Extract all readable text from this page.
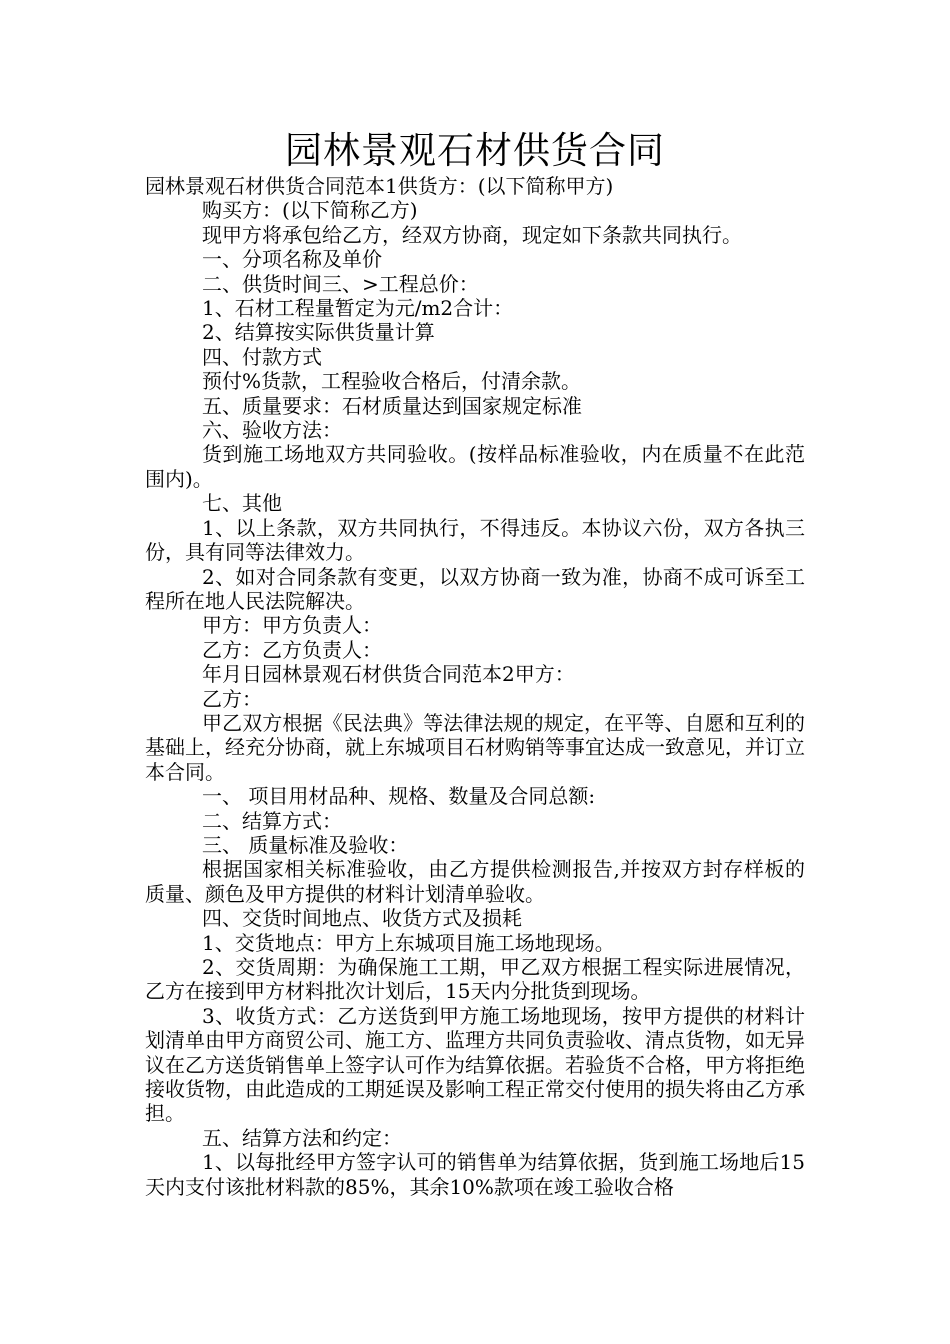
园林景观石材供货合同

园林景观石材供货合同范本1供货方：(以下简称甲方)

购买方：(以下简称乙方)

现甲方将承包给乙方，经双方协商，现定如下条款共同执行。

一、分项名称及单价

二、供货时间三、>工程总价：

1、石材工程量暂定为元/m2合计：

2、结算按实际供货量计算

四、付款方式

预付%货款，工程验收合格后，付清余款。

五、质量要求：石材质量达到国家规定标准

六、验收方法：

货到施工场地双方共同验收。(按样品标准验收，内在质量不在此范围内)。

七、其他

1、以上条款，双方共同执行，不得违反。本协议六份，双方各执三份，具有同等法律效力。

2、如对合同条款有变更，以双方协商一致为准，协商不成可诉至工程所在地人民法院解决。

甲方：甲方负责人：

乙方：乙方负责人：

年月日园林景观石材供货合同范本2甲方：

乙方：

甲乙双方根据《民法典》等法律法规的规定，在平等、自愿和互利的基础上，经充分协商，就上东城项目石材购销等事宜达成一致意见，并订立本合同。

一、 项目用材品种、规格、数量及合同总额:

二、结算方式：

三、 质量标准及验收：

根据国家相关标准验收，由乙方提供检测报告,并按双方封存样板的质量、颜色及甲方提供的材料计划清单验收。

四、交货时间地点、收货方式及损耗

1、交货地点：甲方上东城项目施工场地现场。

2、交货周期：为确保施工工期，甲乙双方根据工程实际进展情况，乙方在接到甲方材料批次计划后，15天内分批货到现场。

3、收货方式：乙方送货到甲方施工场地现场，按甲方提供的材料计划清单由甲方商贸公司、施工方、监理方共同负责验收、清点货物，如无异议在乙方送货销售单上签字认可作为结算依据。若验货不合格，甲方将拒绝接收货物，由此造成的工期延误及影响工程正常交付使用的损失将由乙方承担。

五、结算方法和约定：

1、以每批经甲方签字认可的销售单为结算依据，货到施工场地后15天内支付该批材料款的85%，其余10%款项在竣工验收合格
